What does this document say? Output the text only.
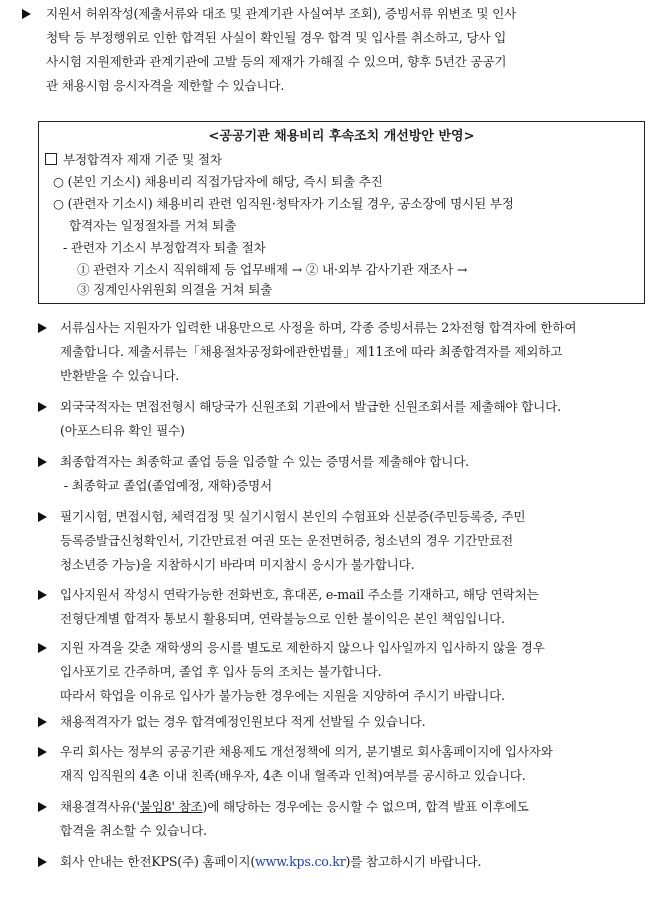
지원서 허위작성(제출서류와 대조 및 관계기관 사실여부 조회), 증빙서류 위변조 및 인사
청탁 등 부정행위로 인한 합격된 사실이 확인될 경우 합격 및 입사를 취소하고, 당사 입
사시험 지원제한과 관계기관에 고발 등의 제재가 가해질 수 있으며, 향후 5년간 공공기
관 채용시험 응시자격을 제한할 수 있습니다.
<공공기관 채용비리 후속조치 개선방안 반영>
부정합격자 제재 기준 및 절차
○ (본인 기소시) 채용비리 직접가담자에 해당, 즉시 퇴출 추진
○ (관련자 기소시) 채용비리 관련 임직원·청탁자가 기소될 경우, 공소장에 명시된 부정
합격자는 일정절차를 거쳐 퇴출
- 관련자 기소시 부정합격자 퇴출 절차
① 관련자 기소시 직위해제 등 업무배제 → ② 내·외부 감사기관 재조사 →
③ 징계인사위원회 의결을 거쳐 퇴출
서류심사는 지원자가 입력한 내용만으로 사정을 하며, 각종 증빙서류는 2차전형 합격자에 한하여
제출합니다. 제출서류는「채용절차공정화에관한법률」제11조에 따라 최종합격자를 제외하고
반환받을 수 있습니다.
외국국적자는 면접전형시 해당국가 신원조회 기관에서 발급한 신원조회서를 제출해야 합니다.
(아포스티유 확인 필수)
최종합격자는 최종학교 졸업 등을 입증할 수 있는 증명서를 제출해야 합니다.
- 최종학교 졸업(졸업예정, 재학)증명서
필기시험, 면접시험, 체력검정 및 실기시험시 본인의 수험표와 신분증(주민등록증, 주민
등록증발급신청확인서, 기간만료전 여권 또는 운전면허증, 청소년의 경우 기간만료전
청소년증 가능)을 지참하시기 바라며 미지참시 응시가 불가합니다.
입사지원서 작성시 연락가능한 전화번호, 휴대폰, e-mail 주소를 기재하고, 해당 연락처는
전형단계별 합격자 통보시 활용되며, 연락불능으로 인한 불이익은 본인 책임입니다.
지원 자격을 갖춘 재학생의 응시를 별도로 제한하지 않으나 입사일까지 입사하지 않을 경우
입사포기로 간주하며, 졸업 후 입사 등의 조치는 불가합니다.
따라서 학업을 이유로 입사가 불가능한 경우에는 지원을 지양하여 주시기 바랍니다.
채용적격자가 없는 경우 합격예정인원보다 적게 선발될 수 있습니다.
우리 회사는 정부의 공공기관 채용제도 개선정책에 의거, 분기별로 회사홈페이지에 입사자와
재직 임직원의 4촌 이내 친족(배우자, 4촌 이내 혈족과 인척)여부를 공시하고 있습니다.
채용결격사유('붙임8' 참조)에 해당하는 경우에는 응시할 수 없으며, 합격 발표 이후에도
합격을 취소할 수 있습니다.
회사 안내는 한전KPS(주) 홈페이지(www.kps.co.kr)를 참고하시기 바랍니다.
